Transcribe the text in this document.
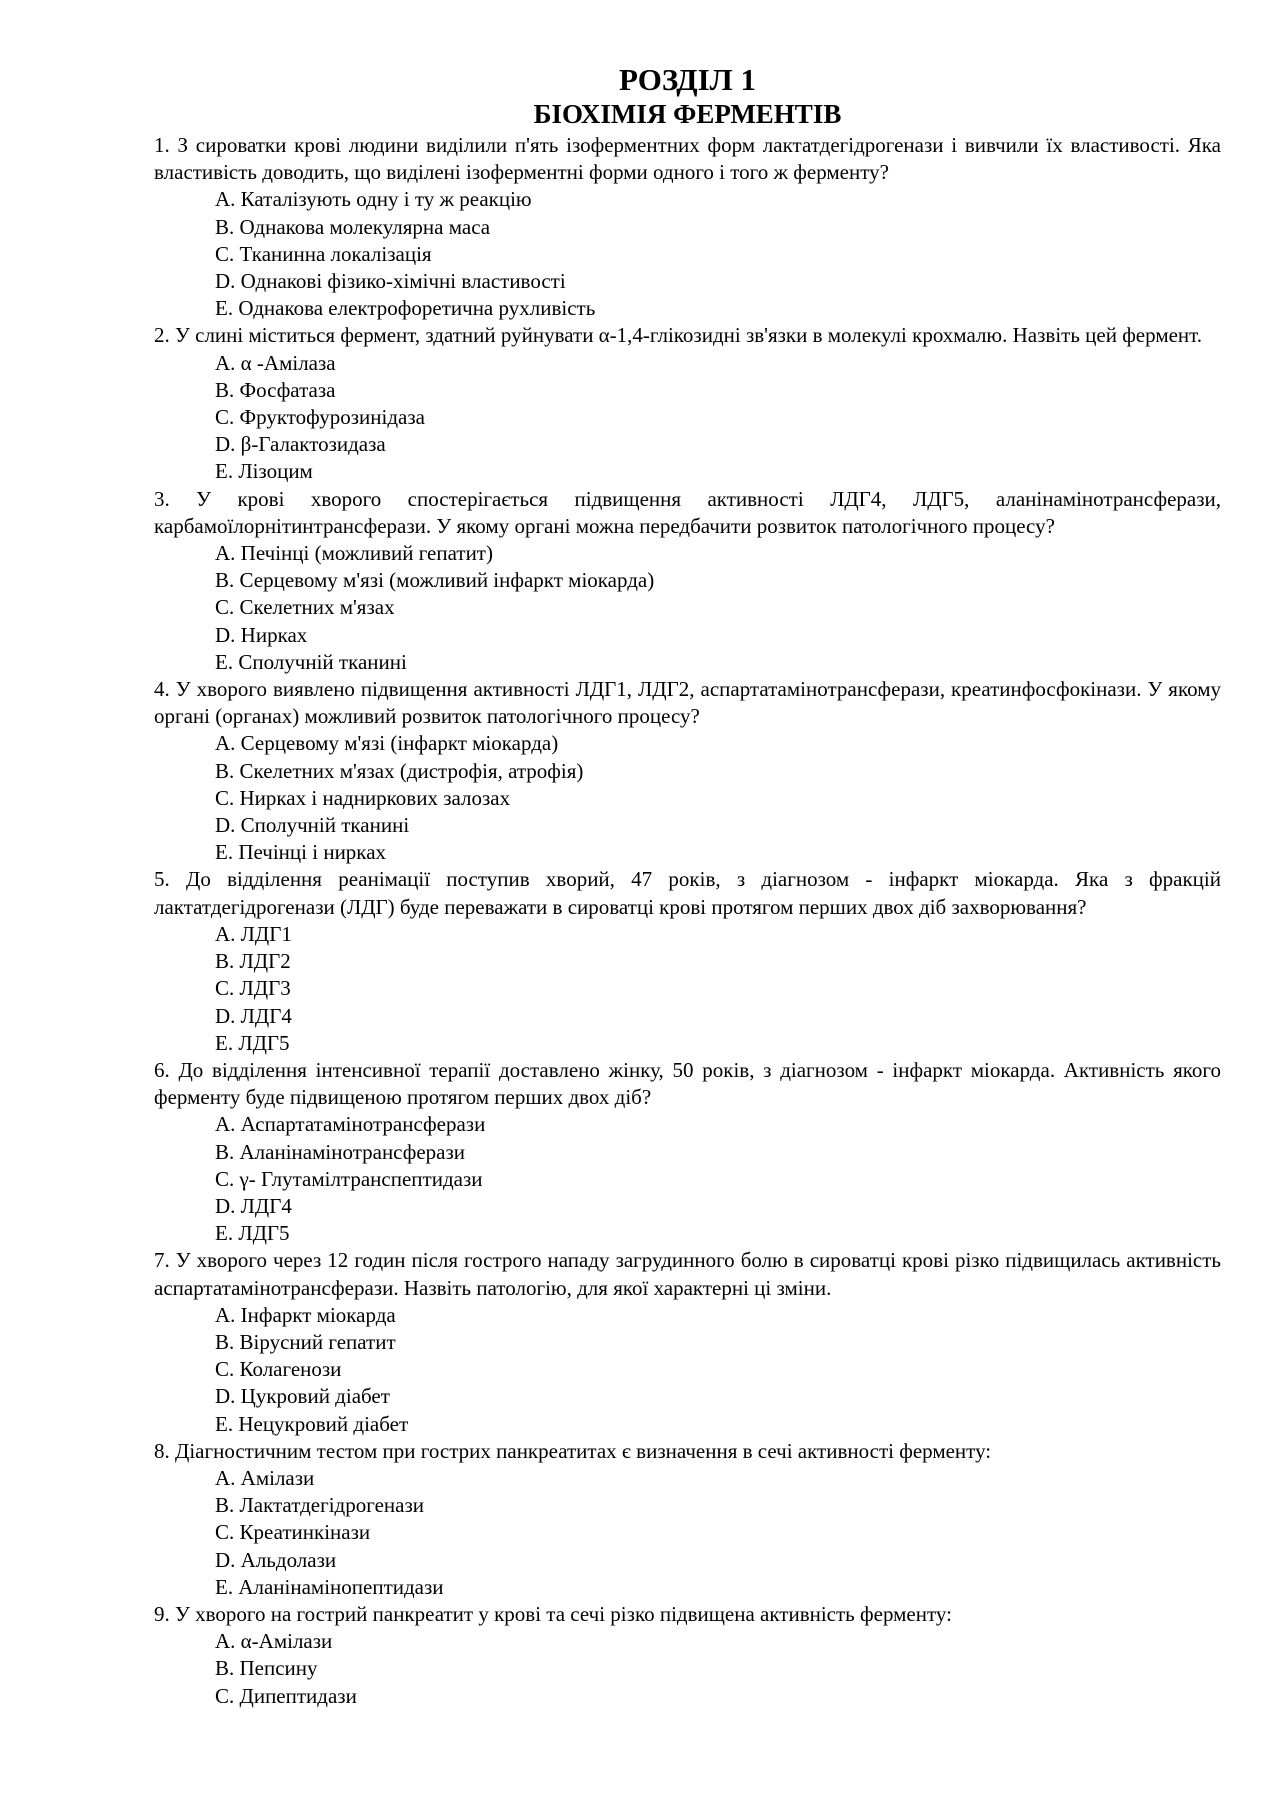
РОЗДІЛ 1
БІОХІМІЯ ФЕРМЕНТІВ

1. З сироватки крові людини виділили п'ять ізоферментних форм лактатдегідрогенази і вивчили їх властивості. Яка властивість доводить, що виділені ізоферментні форми одного і того ж ферменту?

A. Каталізують одну і ту ж реакцію
B. Однакова молекулярна маса
C. Тканинна локалізація
D. Однакові фізико-хімічні властивості
E. Однакова електрофоретична рухливість

2. У слині міститься фермент, здатний руйнувати α-1,4-глікозидні зв'язки в молекулі крохмалю. Назвіть цей фермент.

A. α -Амілаза
B. Фосфатаза
C. Фруктофурозинідаза
D. β-Галактозидаза
E. Лізоцим

3. У крові хворого спостерігається підвищення активності ЛДГ4, ЛДГ5, аланінамінотрансферази, карбамоїлорнітинтрансферази. У якому органі можна передбачити розвиток патологічного процесу?

A. Печінці (можливий гепатит)
B. Серцевому м'язі (можливий інфаркт міокарда)
C. Скелетних м'язах
D. Нирках
E. Сполучній тканині

4. У хворого виявлено підвищення активності ЛДГ1, ЛДГ2, аспартатамінотрансферази, креатинфосфокінази. У якому органі (органах) можливий розвиток патологічного процесу?

A. Серцевому м'язі (інфаркт міокарда)
B. Скелетних м'язах (дистрофія, атрофія)
C. Нирках і надниркових залозах
D. Сполучній тканині
E. Печінці і нирках

5. До відділення реанімації поступив хворий, 47 років, з діагнозом - інфаркт міокарда. Яка з фракцій лактатдегідрогенази (ЛДГ) буде переважати в сироватці крові протягом перших двох діб захворювання?

A. ЛДГ1
B. ЛДГ2
C. ЛДГ3
D. ЛДГ4
E. ЛДГ5

6. До відділення інтенсивної терапії доставлено жінку, 50 років, з діагнозом - інфаркт міокарда. Активність якого ферменту буде підвищеною протягом перших двох діб?

A. Аспартатамінотрансферази
B. Аланінамінотрансферази
C. γ- Глутамілтранспептидази
D. ЛДГ4
E. ЛДГ5

7. У хворого через 12 годин після гострого нападу загрудинного болю в сироватці крові різко підвищилась активність аспартатамінотрансферази. Назвіть патологію, для якої характерні ці зміни.

A. Інфаркт міокарда
B. Вірусний гепатит
C. Колагенози
D. Цукровий діабет
E. Нецукровий діабет

8. Діагностичним тестом при гострих панкреатитах є визначення в сечі активності ферменту:

A. Амілази
B. Лактатдегідрогенази
C. Креатинкінази
D. Альдолази
E. Аланінамінопептидази

9. У хворого на гострий панкреатит у крові та сечі різко підвищена активність ферменту:

A. α-Амілази
B. Пепсину
C. Дипептидази
